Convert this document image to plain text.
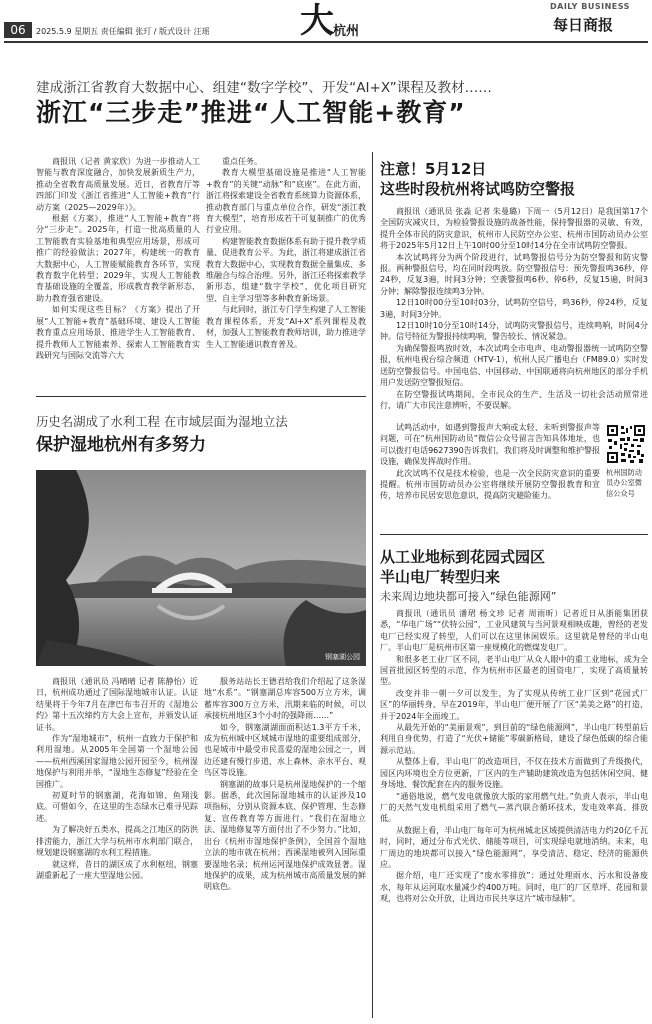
06	2025.5.9 星期五 责任编辑 张玎 / 版式设计 汪瑶	大 杭州
DAILY BUSINESS
每日商报
建成浙江省教育大数据中心、组建“数字学校”、开发“AI+X”课程及教材……
浙江“三步走”推进“人工智能+教育”

商报讯（记者 黄家欣）为进一步推动人工智能与教育深度融合，加快发展新质生产力，推动全省教育高质量发展。近日，省教育厅等四部门印发《浙江省推进“人工智能+教育”行动方案（2025—2029年）》。

根据《方案》，推进“人工智能+教育”将分“三步走”。2025年，打造一批高质量的人工智能教育实验基地和典型应用场景，形成可推广的经验做法；2027年，构建统一的教育大数据中心，人工智能赋能教育各环节，实现教育数字化转型；2029年，实现人工智能教育基础设施的全覆盖，形成教育教学新形态，助力教育强省建设。

如何实现这些目标？《方案》提出了开展“人工智能+教育”基础环境、建设人工智能教育重点应用场景、推进学生人工智能教育、提升教师人工智能素养、探索人工智能教育实践研究与国际交流等六大

重点任务。

教育大模型基础设施是推进“人工智能+教育”的关键“动脉”和“底座”。在此方面，浙江将探索建设全省教育系统算力资源体系，推动教育部门与重点单位合作，研发“浙江教育大模型”，培育形成若干可复制推广的优秀行业应用。

构建智能教育数据体系有助于提升教学质量、促进教育公平。为此，浙江将建成浙江省教育大数据中心，实现教育数据全量集成、多维融合与综合治理。另外，浙江还将探索教学新形态，组建“数字学校”，优化项目研究型、自主学习型等多种教育新场景。

与此同时，浙江专门学生构建了人工智能教育课程体系，开发“AI+X”系列课程及教材，加强人工智能教育教师培训，助力推进学生人工智能通识教育普及。

历史名湖成了水利工程 在市域层面为湿地立法
保护湿地杭州有多努力
钢塞湖公园

商报讯（通讯员 冯晴晴 记者 陈静怡）近日，杭州成功通过了国际湿地城市认证。认证结果将于今年7月在津巴布韦召开的《湿地公约》第十五次缔约方大会上宣布，并颁发认证证书。

作为“湿地城市”，杭州一直致力于保护和利用湿地。从2005年全国第一个湿地公园——杭州西溪国家湿地公园开园至今，杭州湿地保护与利用并举，“湿地生态修复”经验在全国推广。

初夏时节的钢塞湖，花海如锦、鱼翔浅底。可惜如今，在这里的生态绿水已难寻见踪迹。

为了解决好五类水，提高之江地区的防洪排涝能力，浙江大学与杭州市水利部门联合，规划建设钢塞湖的水利工程措施。

就这样，昔日的湖区成了水利枢纽，钢塞湖重新起了一座大型湿地公园。

服务站站长王德君给我们介绍起了这条湿地“水系”。“钢塞湖总库容500万立方米，调蓄库容300万立方米，汛期来临的时候，可以承接杭州地区3个小时的强降雨……”

如今，钢塞湖湖面面积达1.3平方千米，成为杭州城中区域城市湿地的重要组成部分，也是城市中最受市民喜爱的湿地公园之一，周边还建有慢行步道、水上森林、亲水平台、观鸟区等设施。

钢塞湖的故事只是杭州湿地保护的一个缩影。据悉，此次国际湿地城市的认证涉及10项指标，分别从资源本底、保护管理、生态修复、宣传教育等方面进行。“我们在湿地立法、湿地修复等方面付出了不少努力。”比如，出台《杭州市湿地保护条例》，全国首个湿地立法的地市就在杭州；西溪湿地被列入国际重要湿地名录；杭州运河湿地保护成效显著。湿地保护的成果，成为杭州城市高质量发展的鲜明底色。

注意！5月12日
这些时段杭州将试鸣防空警报

商报讯（通讯员 张淼 记者 朱曼璐）下周一（5月12日）是我国第17个全国防灾减灾日，为检验警报设施的战备性能，保持警报器的灵敏、有效，提升全体市民的防灾意识，杭州市人民防空办公室、杭州市国防动员办公室将于2025年5月12日上午10时00分至10时14分在全市试鸣防空警报。

本次试鸣将分为两个阶段进行，试鸣警报信号分为防空警报和防灾警报。两种警报信号，均在同时段鸣放。防空警报信号：预先警报鸣36秒、停24秒，反复3遍，时间3分钟；空袭警报鸣6秒、停6秒，反复15遍，时间3分钟；解除警报连续鸣3分钟。

12日10时00分至10时03分，试鸣防空信号，鸣36秒，停24秒，反复3遍，时间3分钟。

12日10时10分至10时14分，试鸣防灾警报信号，连续鸣响，时间4分钟。信号特征为警报持续鸣响，警告较长、情况紧急。

为确保警报鸣放时效，本次试鸣全市电声、电动警报器统一试鸣防空警报，杭州电视台综合频道（HTV-1），杭州人民广播电台（FM89.0）实时发送防空警报信号。中国电信、中国移动、中国联通将向杭州地区的部分手机用户发送防空警报短信。

在防空警报试鸣期间，全市民众的生产、生活及一切社会活动照常进行，请广大市民注意辨听，不要误解。

试鸣活动中，如遇到警报声大响或太轻、未听到警报声等问题，可在“杭州国防动员”微信公众号留言告知具体地址，也可以拨打电话9627390告诉我们，我们将及时调整和维护警报设施，确保发挥战时作用。

此次试鸣不仅是技术检验，也是一次全民防灾意识的重要提醒。杭州市国防动员办公室将继续开展防空警报教育和宣传，培养市民居安思危意识，提高防灾避险能力。

杭州国防动员办公室微信公众号
从工业地标到花园式园区
半山电厂转型归来
未来周边地块都可接入“绿色能源网”

商报讯（通讯员 潘珺 杨文珍 记者 周雨昕）记者近日从浙能集团获悉，“华电广场”“伏特公园”，工业风建筑与当河景观相映成趣，曾经的老发电厂已经实现了转型，人们可以在这里休闲娱乐。这里就是曾经的半山电厂。半山电厂是杭州市区第一座规模化的燃煤发电厂。

和很多老工业厂区不同，老半山电厂从众人眼中的重工业地标，成为全国首批园区转型的示范，作为杭州市区最老的国资电厂，实现了高质量转型。

改变并非一朝一夕可以发生，为了实现从传统工业厂区到“花园式厂区”的华丽转身，早在2019年，半山电厂便开展了厂区“美美之路”的打造，并于2024年全面竣工。

从最先开始的“美丽景观”，到目前的“绿色能源网”，半山电厂转型前后利用自身优势，打造了“光伏+储能”零碳新格局，建设了绿色低碳的综合能源示范站。

从整体上看，半山电厂的改造项目，不仅在技术方面做到了升级换代，园区内环境也全方位更新，厂区内的生产辅助建筑改造为包括休闲空间、健身场地、餐饮配套在内的服务设施。

“通俗地说，燃气发电就像放大版的家用燃气灶。”负责人表示，半山电厂的天然气发电机组采用了燃气—蒸汽联合循环技术，发电效率高、排放低。

从数据上看，半山电厂每年可为杭州城北区域提供清洁电力约20亿千瓦时，同时，通过分布式光伏、储能等项目，可实现绿电就地消纳。未来，电厂周边的地块都可以接入“绿色能源网”，享受清洁、稳定、经济的能源供应。

据介绍，电厂还实现了“废水零排放”：通过处理雨水、污水和设备废水，每年从运河取水量减少约400万吨。同时，电厂的厂区草坪、花园和景观，也将对公众开放，让周边市民共享这片“城市绿肺”。
